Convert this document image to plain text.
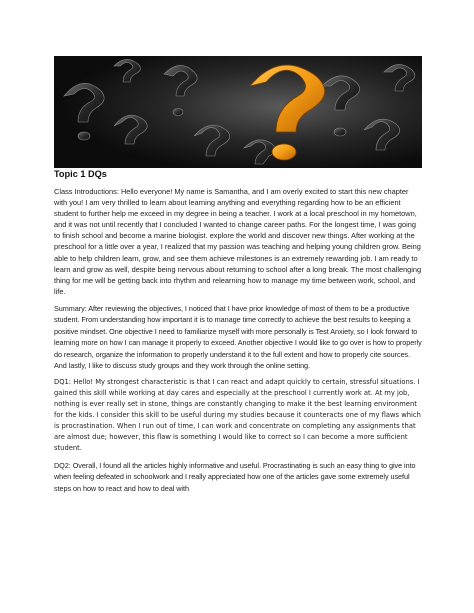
Topic 1 DQs

Class Introductions: Hello everyone! My name is Samantha, and I am overly excited to start this new chapter with you! I am very thrilled to learn about learning anything and everything regarding how to be an efficient student to further help me exceed in my degree in being a teacher. I work at a local preschool in my hometown, and it was not until recently that I concluded I wanted to change career paths. For the longest time, I was going to finish school and become a marine biologist. explore the world and discover new things. After working at the preschool for a little over a year, I realized that my passion was teaching and helping young children grow. Being able to help children learn, grow, and see them achieve milestones is an extremely rewarding job. I am ready to learn and grow as well, despite being nervous about returning to school after a long break. The most challenging thing for me will be getting back into rhythm and relearning how to manage my time between work, school, and life.

Summary: After reviewing the objectives, I noticed that I have prior knowledge of most of them to be a productive student. From understanding how important it is to manage time correctly to achieve the best results to keeping a positive mindset. One objective I need to familiarize myself with more personally is Test Anxiety, so I look forward to learning more on how I can manage it properly to exceed. Another objective I would like to go over is how to properly do research, organize the information to properly understand it to the full extent and how to properly cite sources. And lastly, I like to discuss study groups and they work through the online setting.

DQ1: Hello! My strongest characteristic is that I can react and adapt quickly to certain, stressful situations. I gained this skill while working at day cares and especially at the preschool I currently work at. At my job, nothing is ever really set in stone, things are constantly changing to make it the best learning environment for the kids. I consider this skill to be useful during my studies because it counteracts one of my flaws which is procrastination. When I run out of time, I can work and concentrate on completing any assignments that are almost due; however, this flaw is something I would like to correct so I can become a more sufficient student.

DQ2: Overall, I found all the articles highly informative and useful. Procrastinating is such an easy thing to give into when feeling defeated in schoolwork and I really appreciated how one of the articles gave some extremely useful steps on how to react and how to deal with
